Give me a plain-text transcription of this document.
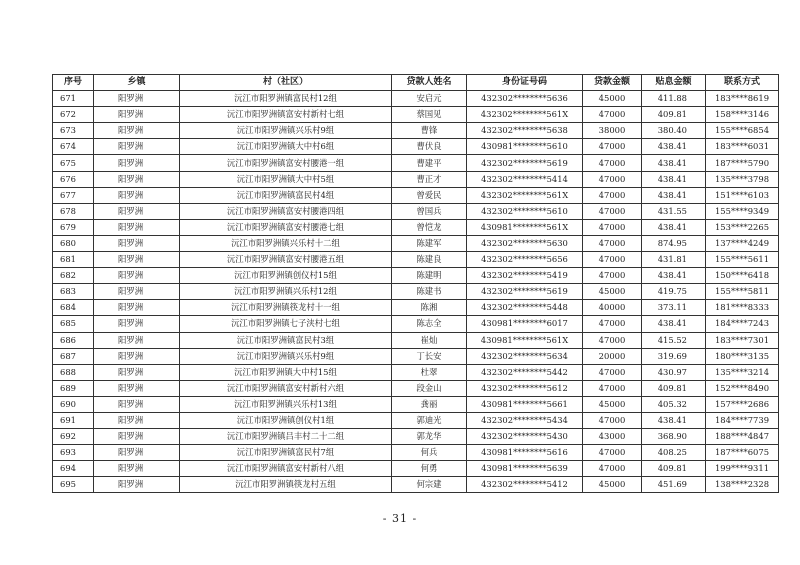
序号	乡镇	村（社区）	贷款人姓名	身份证号码	贷款金额	贴息金额	联系方式
671	阳罗洲	沅江市阳罗洲镇富民村12组	安启元	432302********5636	45000	411.88	183****8619
672	阳罗洲	沅江市阳罗洲镇富安村新村七组	蔡国见	432302********561X	47000	409.81	158****3146
673	阳罗洲	沅江市阳罗洲镇兴乐村9组	曹锋	432302********5638	38000	380.40	155****6854
674	阳罗洲	沅江市阳罗洲镇大中村6组	曹伏良	430981********5610	47000	438.41	183****6031
675	阳罗洲	沅江市阳罗洲镇富安村腰港一组	曹建平	432302********5619	47000	438.41	187****5790
676	阳罗洲	沅江市阳罗洲镇大中村5组	曹正才	432302********5414	47000	438.41	135****3798
677	阳罗洲	沅江市阳罗洲镇富民村4组	曾爱民	432302********561X	47000	438.41	151****6103
678	阳罗洲	沅江市阳罗洲镇富安村腰港四组	曾国兵	432302********5610	47000	431.55	155****9349
679	阳罗洲	沅江市阳罗洲镇富安村腰港七组	曾恺龙	430981********561X	47000	438.41	153****2265
680	阳罗洲	沅江市阳罗洲镇兴乐村十二组	陈建军	432302********5630	47000	874.95	137****4249
681	阳罗洲	沅江市阳罗洲镇富安村腰港五组	陈建良	432302********5656	47000	431.81	155****5611
682	阳罗洲	沅江市阳罗洲镇创仪村15组	陈建明	432302********5419	47000	438.41	150****6418
683	阳罗洲	沅江市阳罗洲镇兴乐村12组	陈建书	432302********5619	45000	419.75	155****5811
684	阳罗洲	沅江市阳罗洲镇筷龙村十一组	陈湘	432302********5448	40000	373.11	181****8333
685	阳罗洲	沅江市阳罗洲镇七子浃村七组	陈志全	430981********6017	47000	438.41	184****7243
686	阳罗洲	沅江市阳罗洲镇富民村3组	崔灿	430981********561X	47000	415.52	183****7301
687	阳罗洲	沅江市阳罗洲镇兴乐村9组	丁长安	432302********5634	20000	319.69	180****3135
688	阳罗洲	沅江市阳罗洲镇大中村15组	杜翠	432302********5442	47000	430.97	135****3214
689	阳罗洲	沅江市阳罗洲镇富安村新村六组	段金山	432302********5612	47000	409.81	152****8490
690	阳罗洲	沅江市阳罗洲镇兴乐村13组	龚丽	430981********5661	45000	405.32	157****2686
691	阳罗洲	沅江市阳罗洲镇创仪村1组	郭迪光	432302********5434	47000	438.41	184****7739
692	阳罗洲	沅江市阳罗洲镇吕丰村二十二组	郭龙华	432302********5430	43000	368.90	188****4847
693	阳罗洲	沅江市阳罗洲镇富民村7组	何兵	430981********5616	47000	408.25	187****6075
694	阳罗洲	沅江市阳罗洲镇富安村新村八组	何勇	430981********5639	47000	409.81	199****9311
695	阳罗洲	沅江市阳罗洲镇筷龙村五组	何宗建	432302********5412	45000	451.69	138****2328
- 31 -
